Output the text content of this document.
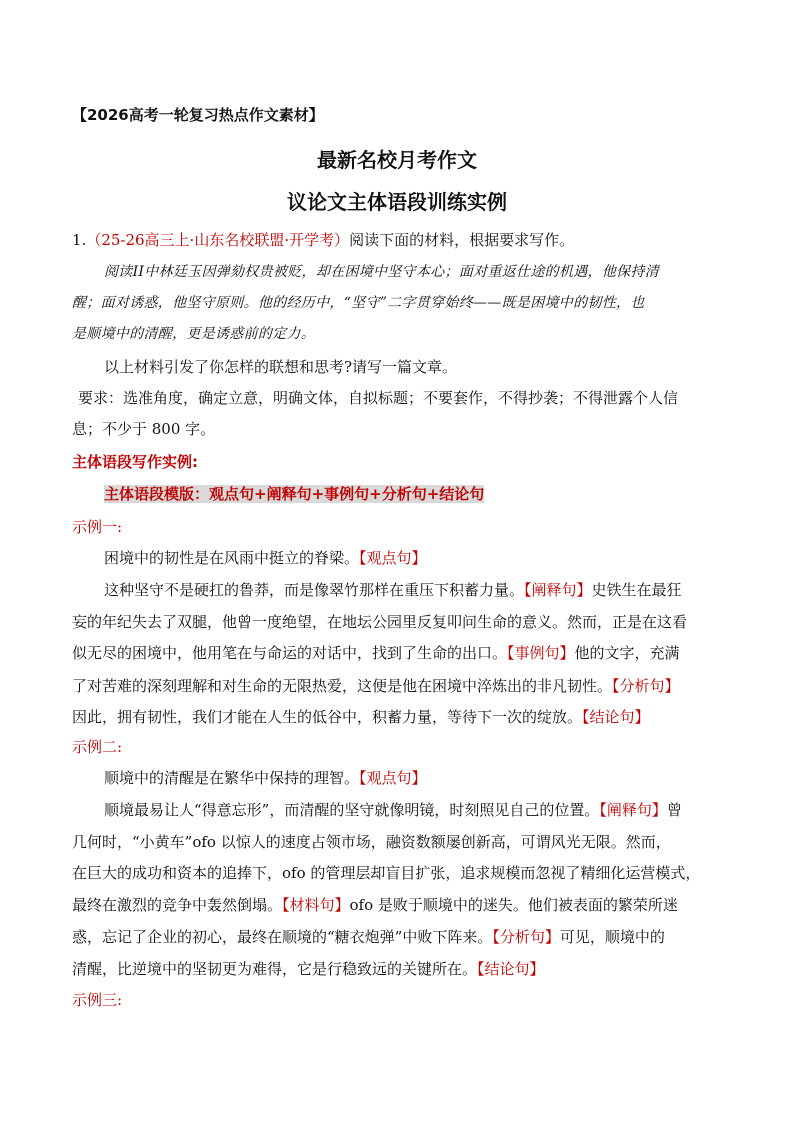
【2026高考一轮复习热点作文素材】
最新名校月考作文
议论文主体语段训练实例
1.（25-26高三上·山东名校联盟·开学考）阅读下面的材料，根据要求写作。
阅读II中林廷玉因弹劾权贵被贬，却在困境中坚守本心；面对重返仕途的机遇，他保持清
醒；面对诱惑，他坚守原则。他的经历中，“坚守”二字贯穿始终——既是困境中的韧性，也
是顺境中的清醒，更是诱惑前的定力。
以上材料引发了你怎样的联想和思考?请写一篇文章。
要求：选准角度，确定立意，明确文体，自拟标题；不要套作，不得抄袭；不得泄露个人信
息；不少于 800 字。
主体语段写作实例:
主体语段模版：观点句+阐释句+事例句+分析句+结论句
示例一:
困境中的韧性是在风雨中挺立的脊梁。【观点句】
这种坚守不是硬扛的鲁莽，而是像翠竹那样在重压下积蓄力量。【阐释句】史铁生在最狂
妄的年纪失去了双腿，他曾一度绝望，在地坛公园里反复叩问生命的意义。然而，正是在这看
似无尽的困境中，他用笔在与命运的对话中，找到了生命的出口。【事例句】他的文字，充满
了对苦难的深刻理解和对生命的无限热爱，这便是他在困境中淬炼出的非凡韧性。【分析句】
因此，拥有韧性，我们才能在人生的低谷中，积蓄力量，等待下一次的绽放。【结论句】
示例二:
顺境中的清醒是在繁华中保持的理智。【观点句】
顺境最易让人“得意忘形”，而清醒的坚守就像明镜，时刻照见自己的位置。【阐释句】曾
几何时，“小黄车”ofo 以惊人的速度占领市场，融资数额屡创新高，可谓风光无限。然而，
在巨大的成功和资本的追捧下，ofo 的管理层却盲目扩张，追求规模而忽视了精细化运营模式，
最终在激烈的竞争中轰然倒塌。【材料句】ofo 是败于顺境中的迷失。他们被表面的繁荣所迷
惑，忘记了企业的初心，最终在顺境的“糖衣炮弹”中败下阵来。【分析句】可见，顺境中的
清醒，比逆境中的坚韧更为难得，它是行稳致远的关键所在。【结论句】
示例三:
